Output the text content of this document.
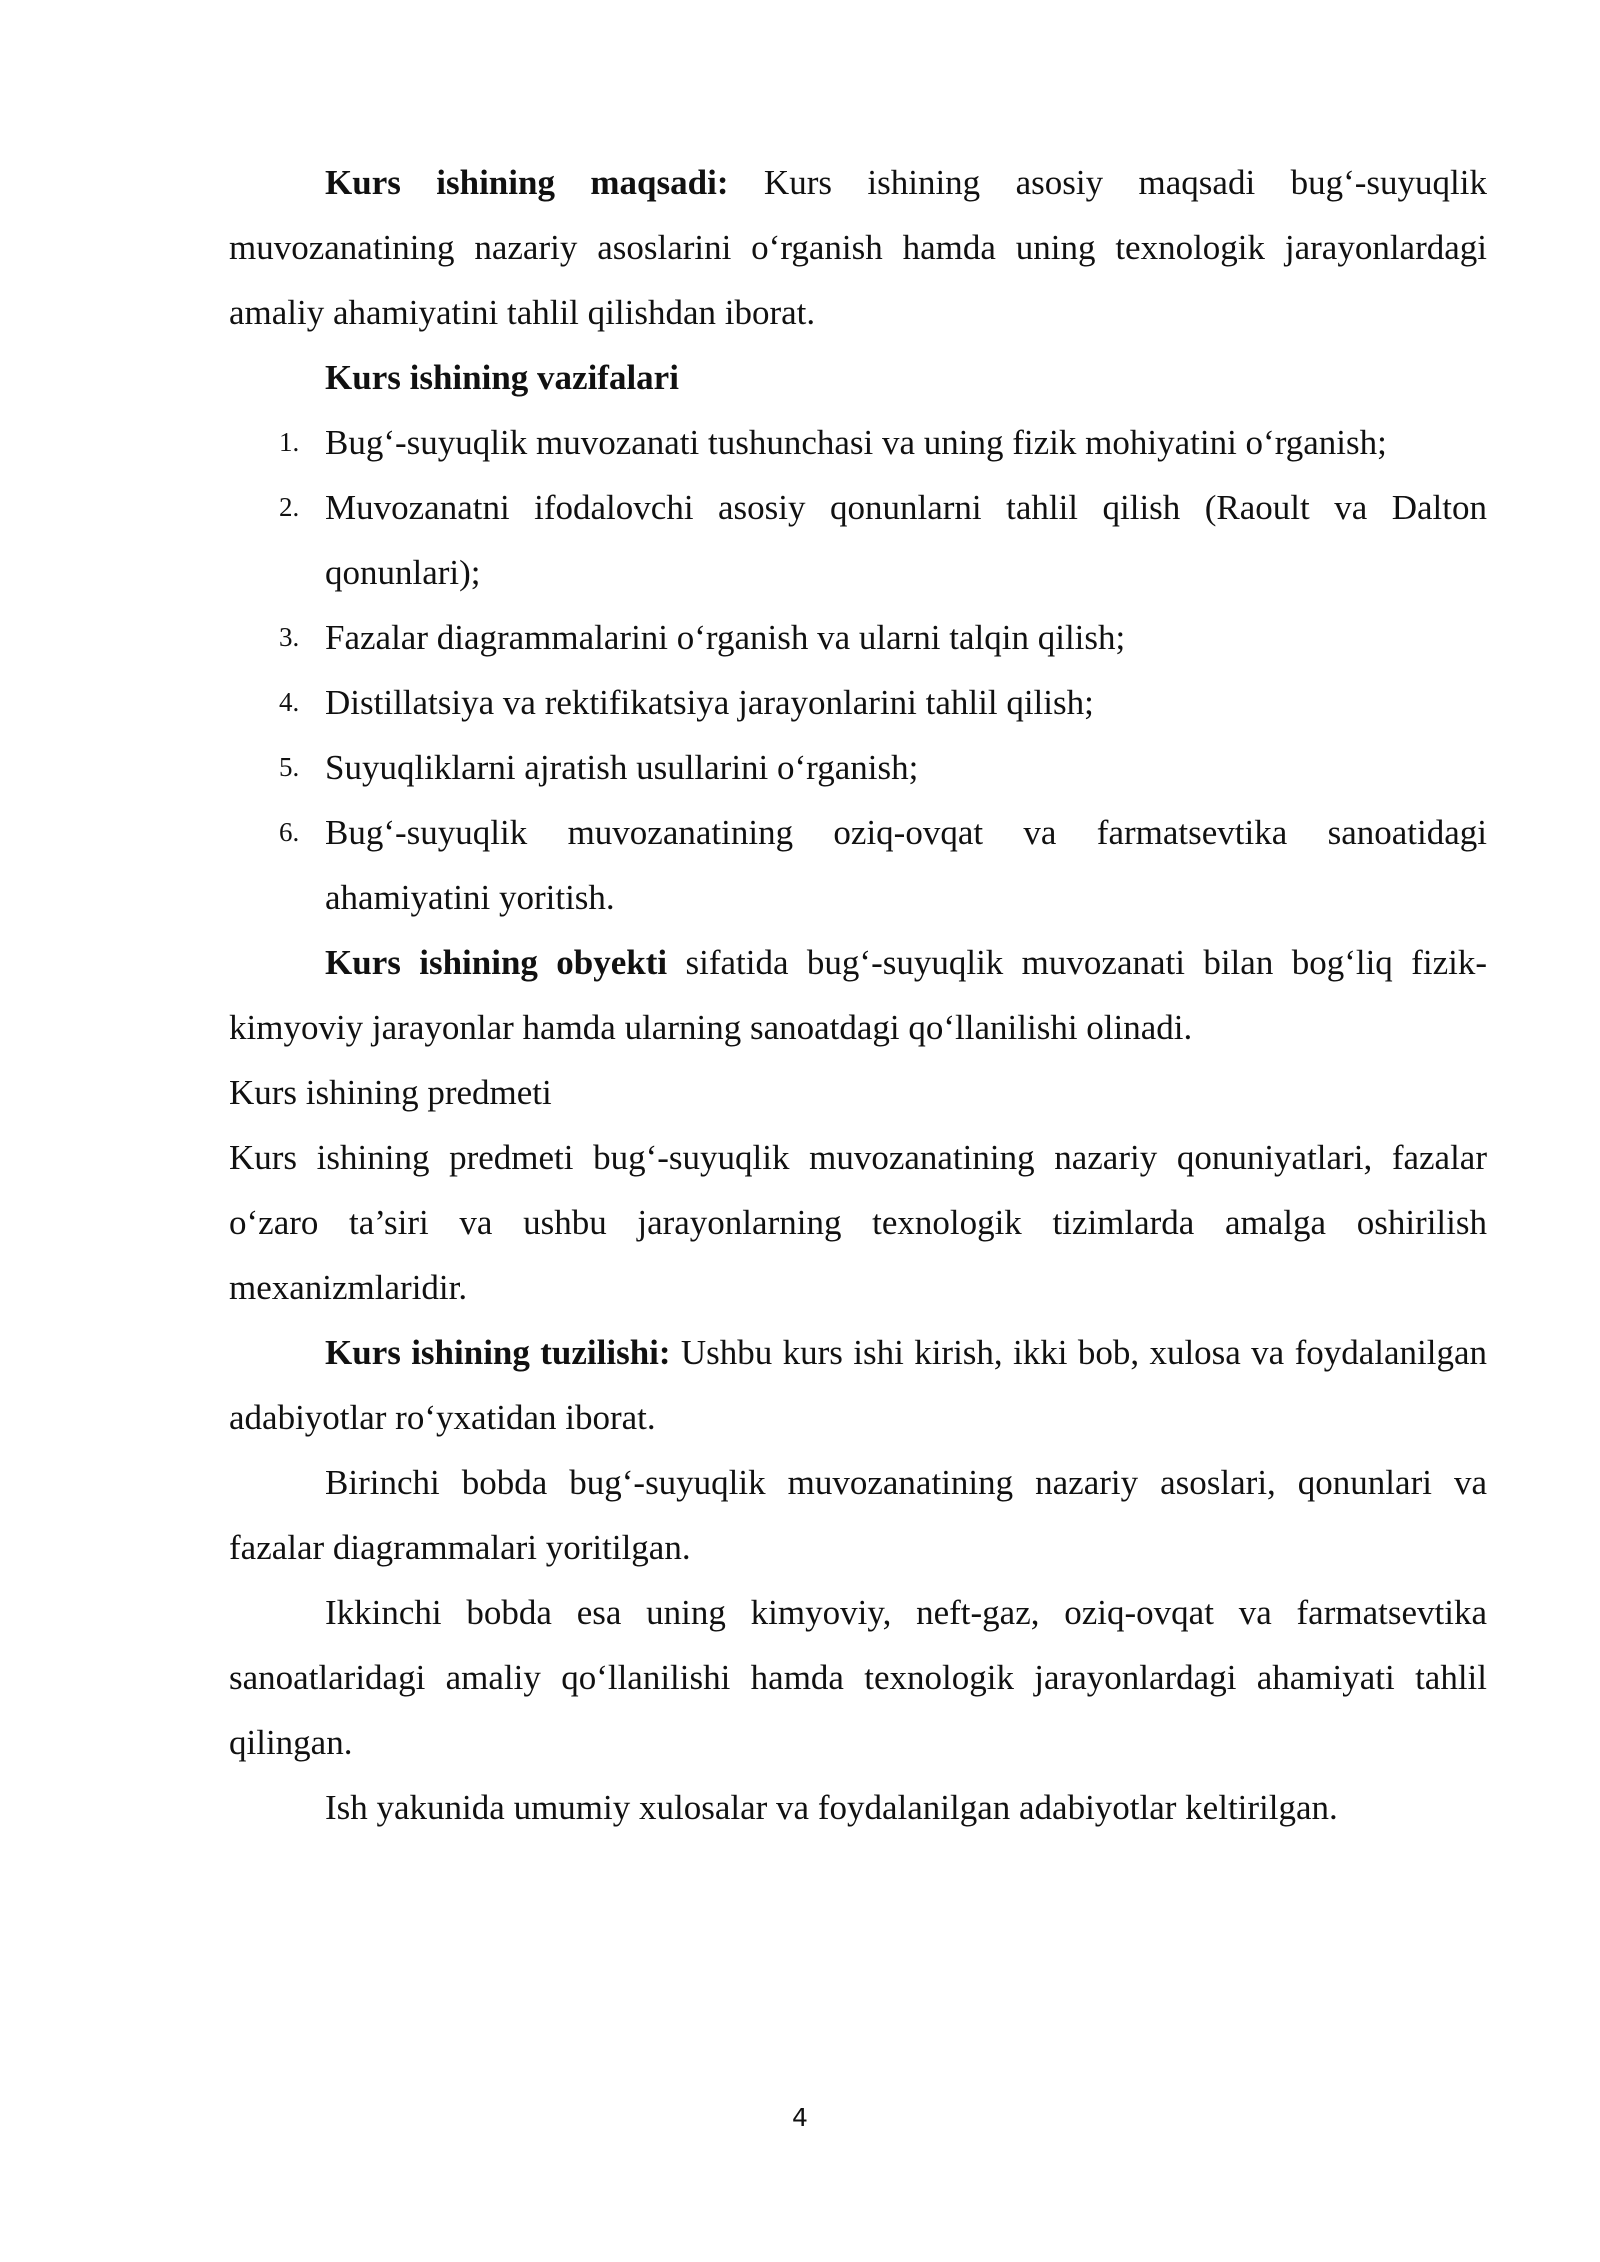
Kurs ishining maqsadi: Kurs ishining asosiy maqsadi bug‘-suyuqlik muvozanatining nazariy asoslarini o‘rganish hamda uning texnologik jarayonlardagi amaliy ahamiyatini tahlil qilishdan iborat.

Kurs ishining vazifalari
1. Bug‘-suyuqlik muvozanati tushunchasi va uning fizik mohiyatini o‘rganish;
2. Muvozanatni ifodalovchi asosiy qonunlarni tahlil qilish (Raoult va Dalton qonunlari);
3. Fazalar diagrammalarini o‘rganish va ularni talqin qilish;
4. Distillatsiya va rektifikatsiya jarayonlarini tahlil qilish;
5. Suyuqliklarni ajratish usullarini o‘rganish;
6. Bug‘-suyuqlik muvozanatining oziq-ovqat va farmatsevtika sanoatidagi ahamiyatini yoritish.

Kurs ishining obyekti sifatida bug‘-suyuqlik muvozanati bilan bog‘liq fizik-kimyoviy jarayonlar hamda ularning sanoatdagi qo‘llanilishi olinadi.

Kurs ishining predmeti

Kurs ishining predmeti bug‘-suyuqlik muvozanatining nazariy qonuniyatlari, fazalar o‘zaro ta’siri va ushbu jarayonlarning texnologik tizimlarda amalga oshirilish mexanizmlaridir.

Kurs ishining tuzilishi: Ushbu kurs ishi kirish, ikki bob, xulosa va foydalanilgan adabiyotlar ro‘yxatidan iborat.

Birinchi bobda bug‘-suyuqlik muvozanatining nazariy asoslari, qonunlari va fazalar diagrammalari yoritilgan.

Ikkinchi bobda esa uning kimyoviy, neft-gaz, oziq-ovqat va farmatsevtika sanoatlaridagi amaliy qo‘llanilishi hamda texnologik jarayonlardagi ahamiyati tahlil qilingan.

Ish yakunida umumiy xulosalar va foydalanilgan adabiyotlar keltirilgan.

4
